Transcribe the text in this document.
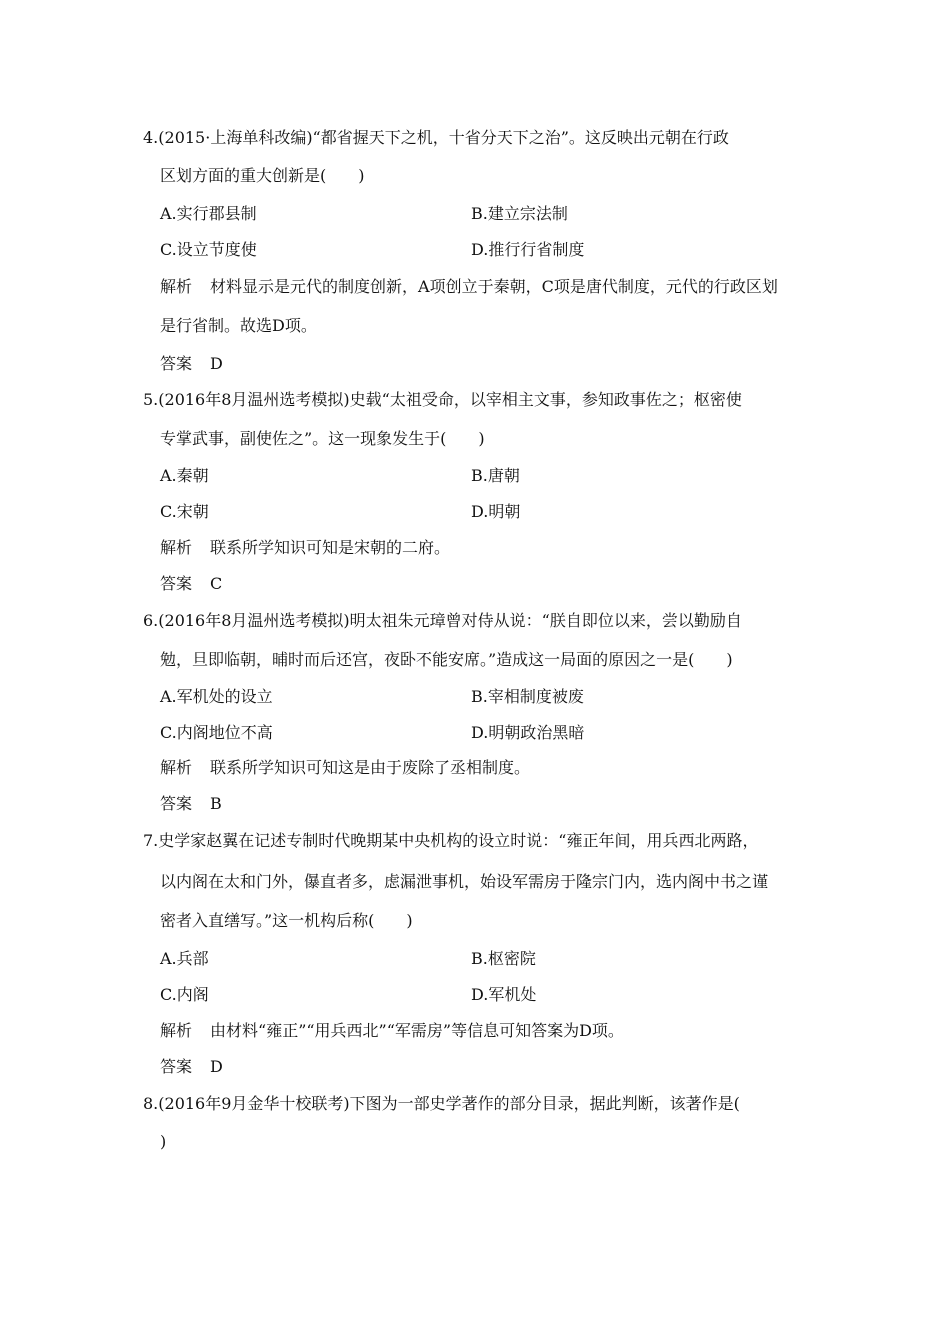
4.(2015·上海单科改编)“都省握天下之机，十省分天下之治”。这反映出元朝在行政
区划方面的重大创新是(　　)
A.实行郡县制	B.建立宗法制
C.设立节度使	D.推行行省制度
解析 材料显示是元代的制度创新，A项创立于秦朝，C项是唐代制度，元代的行政区划
是行省制。故选D项。
答案 D
5.(2016年8月温州选考模拟)史载“太祖受命，以宰相主文事，参知政事佐之；枢密使
专掌武事，副使佐之”。这一现象发生于(　　)
A.秦朝	B.唐朝
C.宋朝	D.明朝
解析 联系所学知识可知是宋朝的二府。
答案 C
6.(2016年8月温州选考模拟)明太祖朱元璋曾对侍从说：“朕自即位以来，尝以勤励自
勉，旦即临朝，晡时而后还宫，夜卧不能安席。”造成这一局面的原因之一是(　　)
A.军机处的设立	B.宰相制度被废
C.内阁地位不高	D.明朝政治黑暗
解析 联系所学知识可知这是由于废除了丞相制度。
答案 B
7.史学家赵翼在记述专制时代晚期某中央机构的设立时说：“雍正年间，用兵西北两路，
以内阁在太和门外，儤直者多，虑漏泄事机，始设军需房于隆宗门内，选内阁中书之谨
密者入直缮写。”这一机构后称(　　)
A.兵部	B.枢密院
C.内阁	D.军机处
解析 由材料“雍正”“用兵西北”“军需房”等信息可知答案为D项。
答案 D
8.(2016年9月金华十校联考)下图为一部史学著作的部分目录，据此判断，该著作是(
)
